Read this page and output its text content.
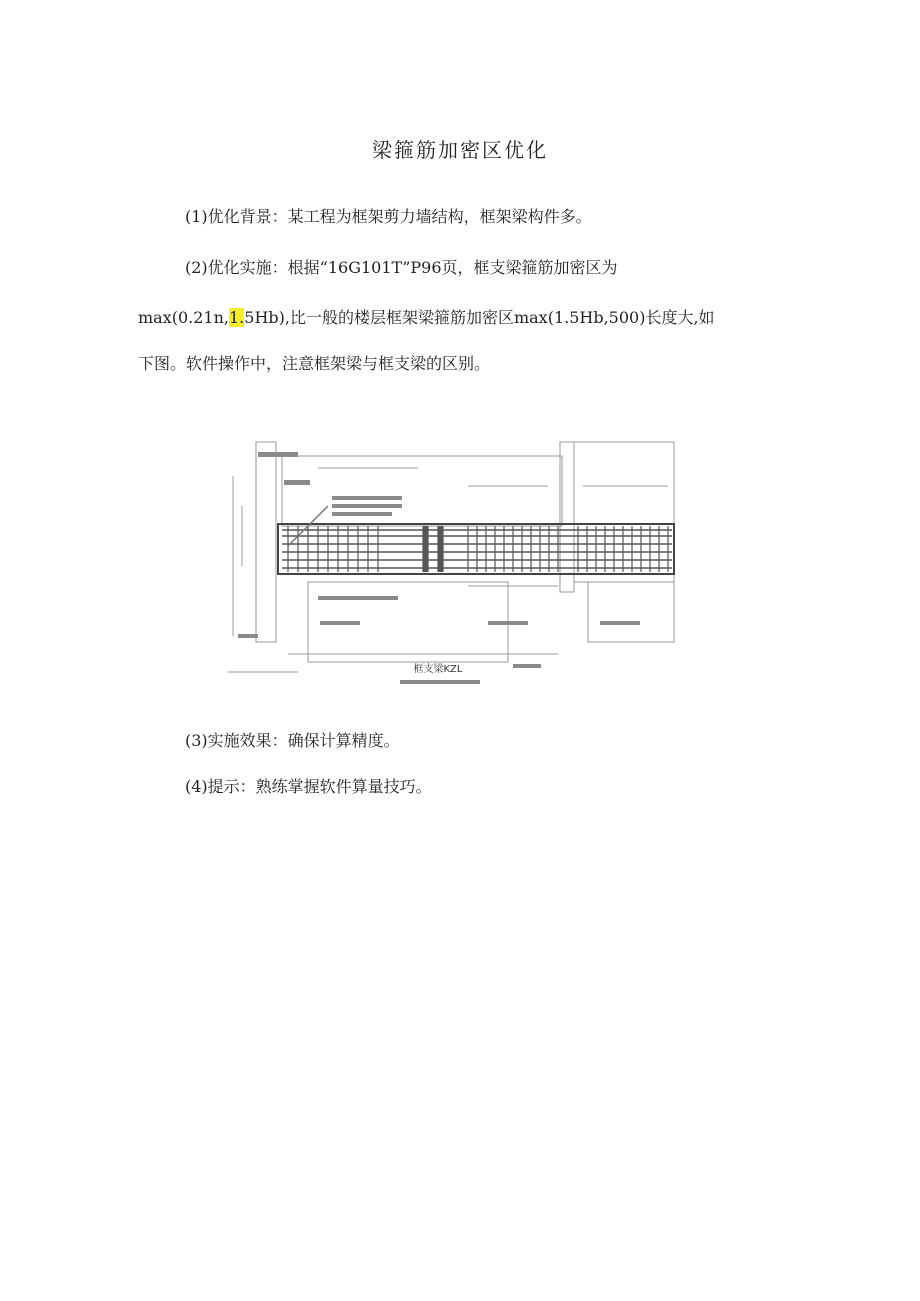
梁箍筋加密区优化
(1)优化背景：某工程为框架剪力墙结构，框架梁构件多。
(2)优化实施：根据“16G101T”P96页，框支梁箍筋加密区为
max(0.21n,1.5Hb),比一般的楼层框架梁箍筋加密区max(1.5Hb,500)长度大,如
下图。软件操作中，注意框架梁与框支梁的区别。
框支梁KZL
(3)实施效果：确保计算精度。
(4)提示：熟练掌握软件算量技巧。
